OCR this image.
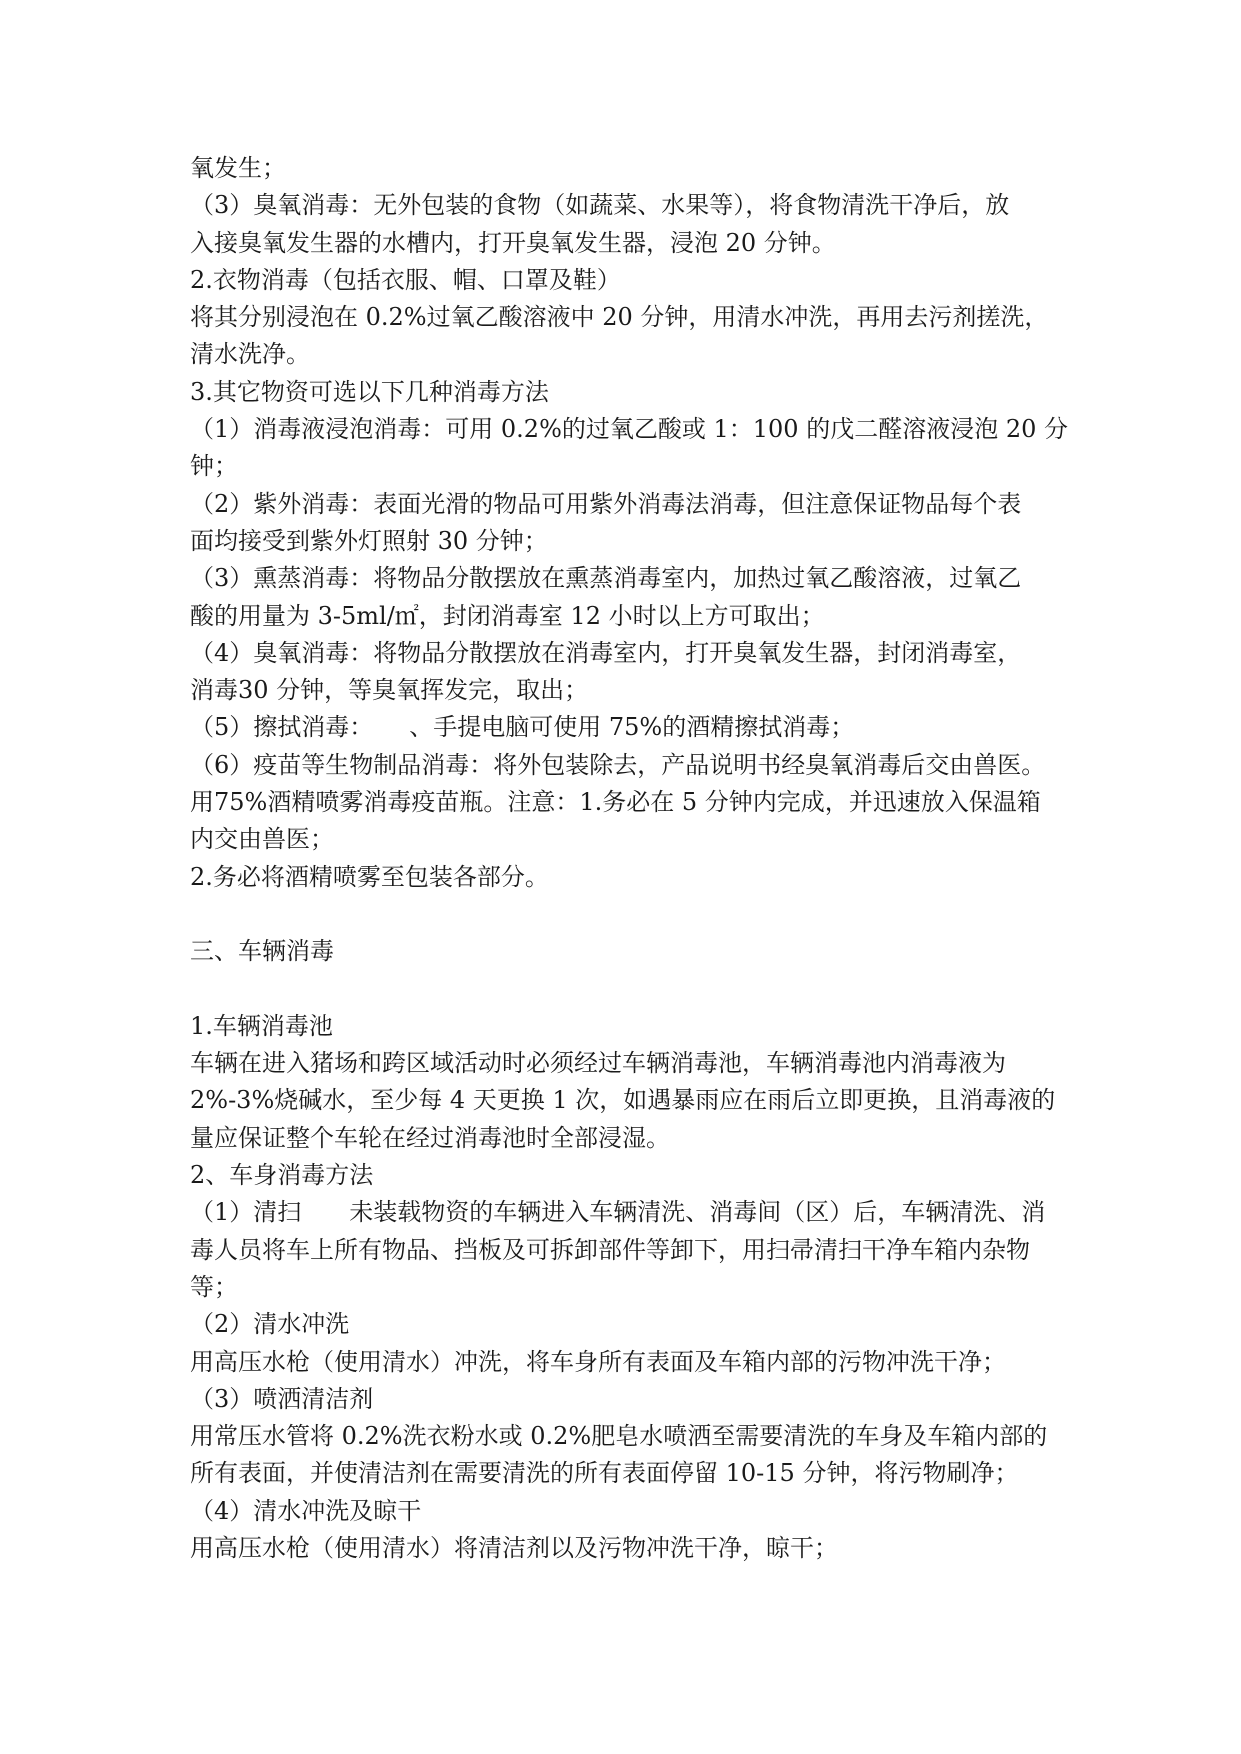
氧发生；
（3）臭氧消毒：无外包装的食物（如蔬菜、水果等），将食物清洗干净后，放
入接臭氧发生器的水槽内，打开臭氧发生器，浸泡 20 分钟。
2.衣物消毒（包括衣服、帽、口罩及鞋）
将其分别浸泡在 0.2%过氧乙酸溶液中 20 分钟，用清水冲洗，再用去污剂搓洗，
清水洗净。
3.其它物资可选以下几种消毒方法
（1）消毒液浸泡消毒：可用 0.2%的过氧乙酸或 1：100 的戊二醛溶液浸泡 20 分
钟；
（2）紫外消毒：表面光滑的物品可用紫外消毒法消毒，但注意保证物品每个表
面均接受到紫外灯照射 30 分钟；
（3）熏蒸消毒：将物品分散摆放在熏蒸消毒室内，加热过氧乙酸溶液，过氧乙
酸的用量为 3-5ml/㎡，封闭消毒室 12 小时以上方可取出；
（4）臭氧消毒：将物品分散摆放在消毒室内，打开臭氧发生器，封闭消毒室，
消毒30 分钟，等臭氧挥发完，取出；
（5）擦拭消毒：　　、手提电脑可使用 75%的酒精擦拭消毒；
（6）疫苗等生物制品消毒：将外包装除去，产品说明书经臭氧消毒后交由兽医。
用75%酒精喷雾消毒疫苗瓶。注意：1.务必在 5 分钟内完成，并迅速放入保温箱
内交由兽医；
2.务必将酒精喷雾至包装各部分。
三、车辆消毒
1.车辆消毒池
车辆在进入猪场和跨区域活动时必须经过车辆消毒池，车辆消毒池内消毒液为
2%-3%烧碱水，至少每 4 天更换 1 次，如遇暴雨应在雨后立即更换，且消毒液的
量应保证整个车轮在经过消毒池时全部浸湿。
2、车身消毒方法
（1）清扫　　未装载物资的车辆进入车辆清洗、消毒间（区）后，车辆清洗、消
毒人员将车上所有物品、挡板及可拆卸部件等卸下，用扫帚清扫干净车箱内杂物
等；
（2）清水冲洗
用高压水枪（使用清水）冲洗，将车身所有表面及车箱内部的污物冲洗干净；
（3）喷洒清洁剂
用常压水管将 0.2%洗衣粉水或 0.2%肥皂水喷洒至需要清洗的车身及车箱内部的
所有表面，并使清洁剂在需要清洗的所有表面停留 10-15 分钟，将污物刷净；
（4）清水冲洗及晾干
用高压水枪（使用清水）将清洁剂以及污物冲洗干净，晾干；
